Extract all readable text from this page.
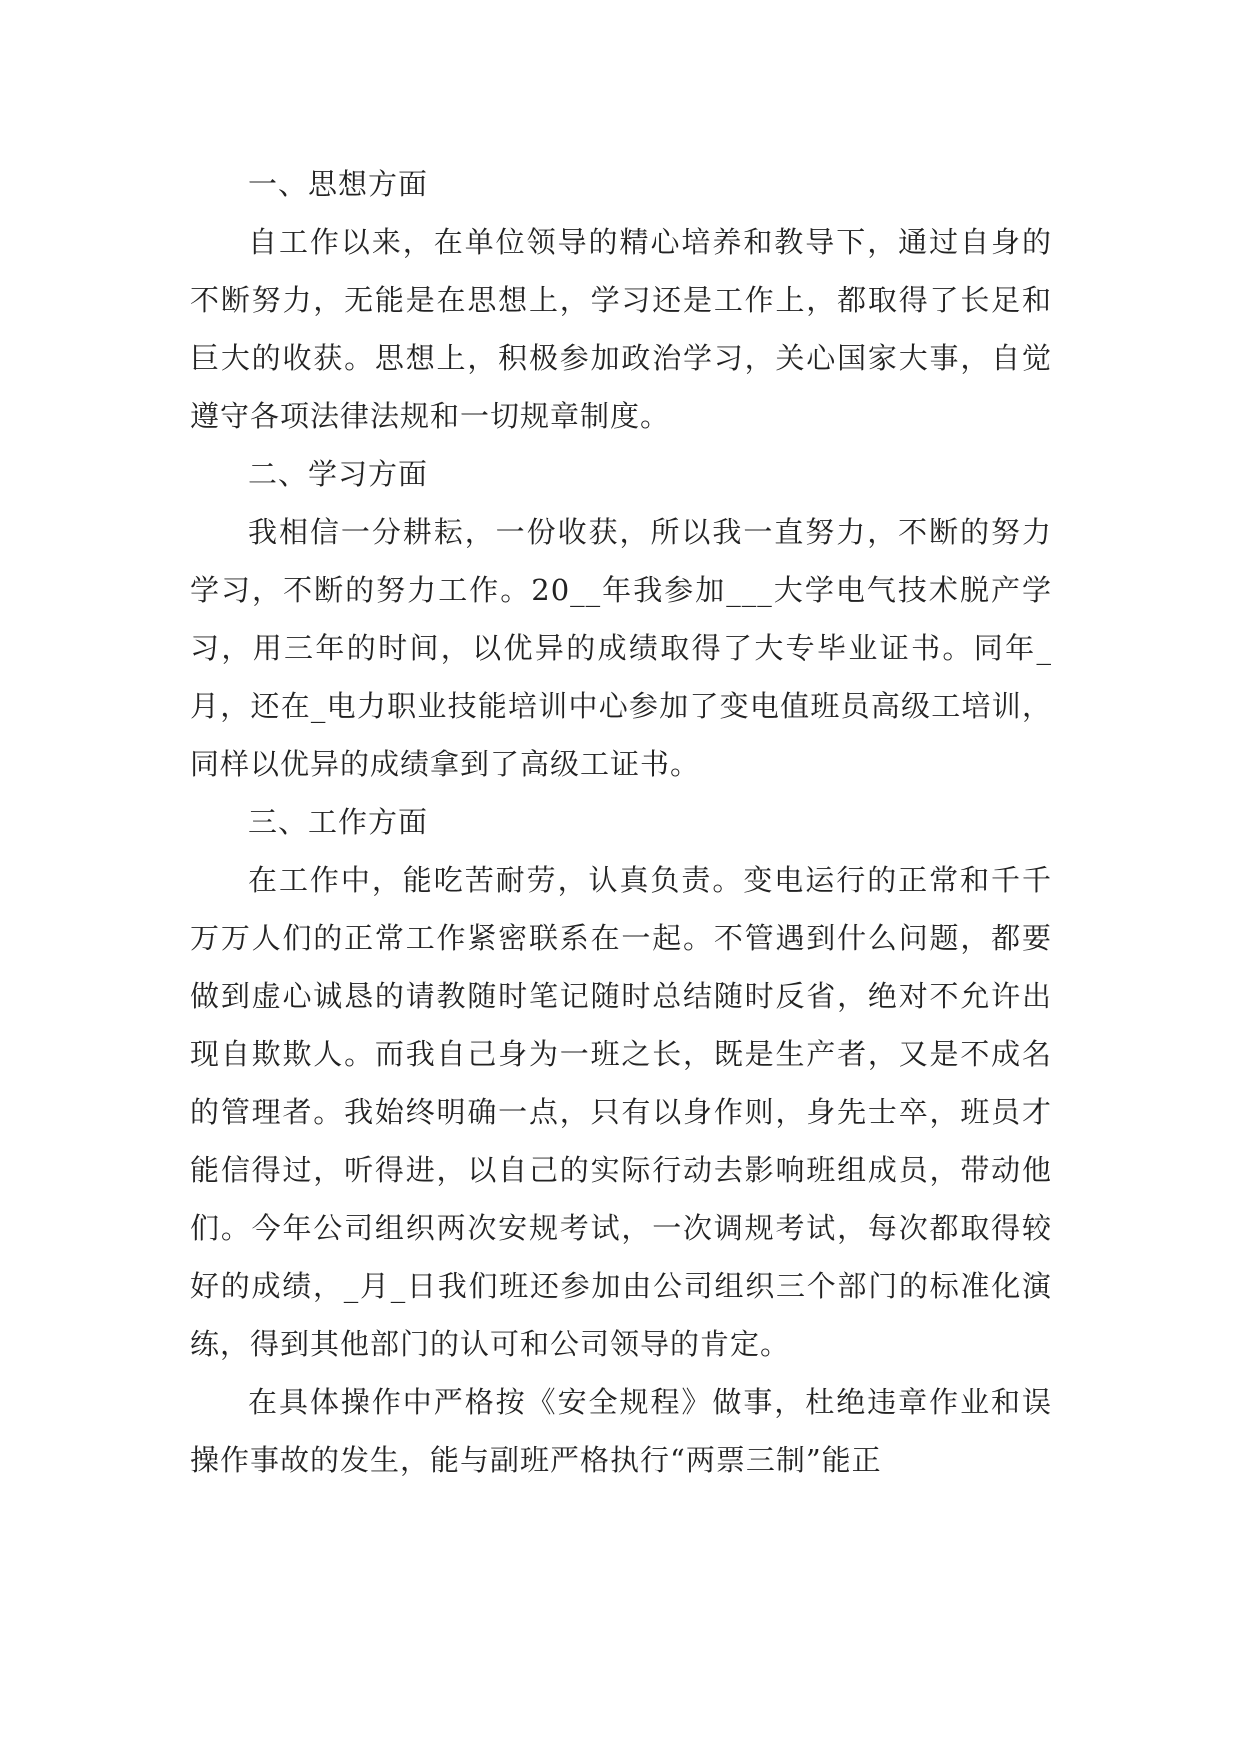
一、思想方面

自工作以来，在单位领导的精心培养和教导下，通过自身的不断努力，无能是在思想上，学习还是工作上，都取得了长足和巨大的收获。思想上，积极参加政治学习，关心国家大事，自觉遵守各项法律法规和一切规章制度。

二、学习方面

我相信一分耕耘，一份收获，所以我一直努力，不断的努力学习，不断的努力工作。20__年我参加___大学电气技术脱产学习，用三年的时间，以优异的成绩取得了大专毕业证书。同年_月，还在_电力职业技能培训中心参加了变电值班员高级工培训，同样以优异的成绩拿到了高级工证书。

三、工作方面

在工作中，能吃苦耐劳，认真负责。变电运行的正常和千千万万人们的正常工作紧密联系在一起。不管遇到什么问题，都要做到虚心诚恳的请教随时笔记随时总结随时反省，绝对不允许出现自欺欺人。而我自己身为一班之长，既是生产者，又是不成名的管理者。我始终明确一点，只有以身作则，身先士卒，班员才能信得过，听得进，以自己的实际行动去影响班组成员，带动他们。今年公司组织两次安规考试，一次调规考试，每次都取得较好的成绩，_月_日我们班还参加由公司组织三个部门的标准化演练，得到其他部门的认可和公司领导的肯定。

在具体操作中严格按《安全规程》做事，杜绝违章作业和误操作事故的发生，能与副班严格执行“两票三制”能正
